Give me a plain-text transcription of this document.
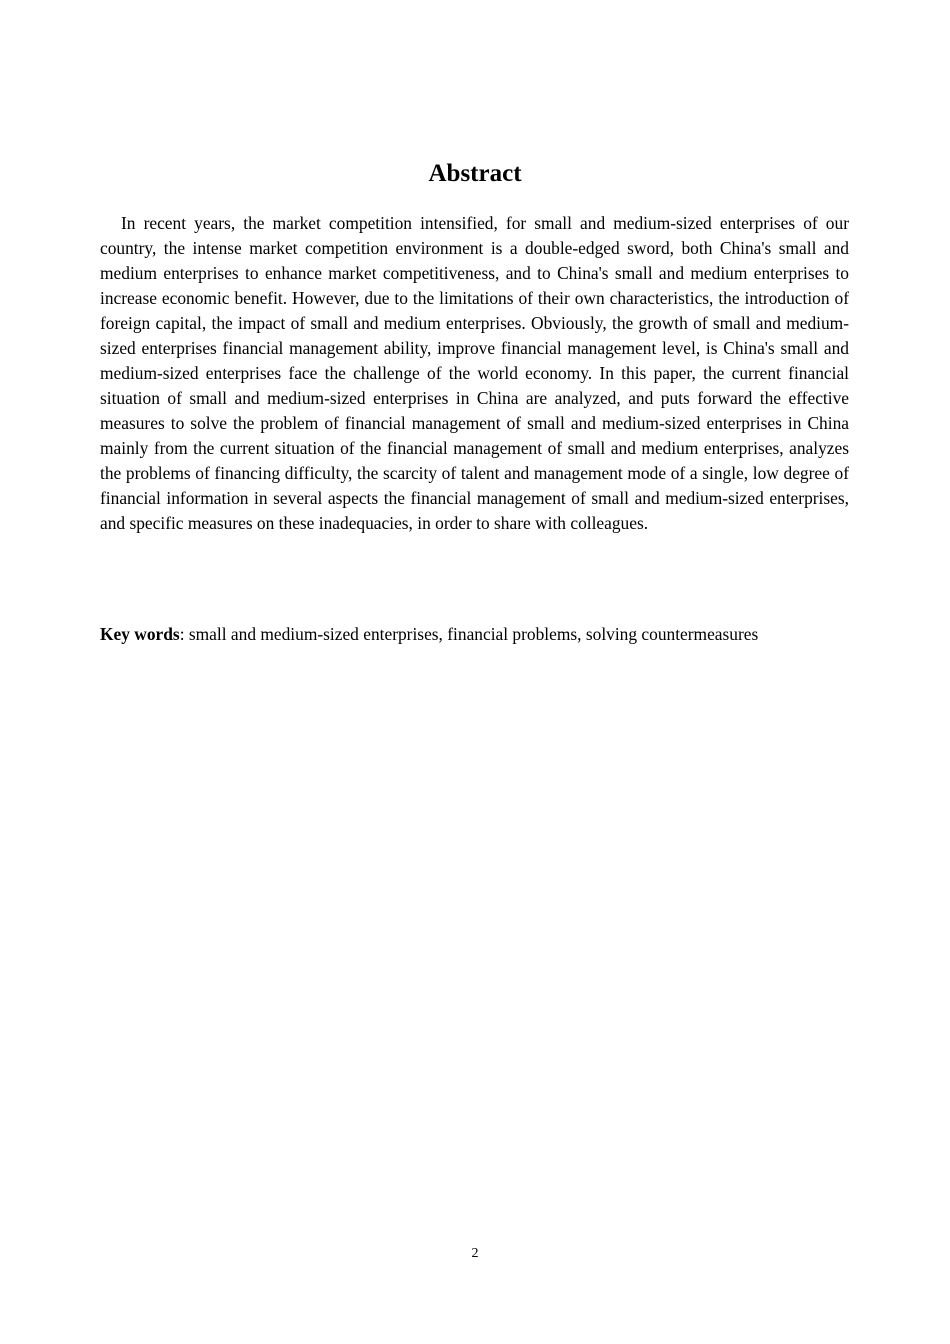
Abstract

In recent years, the market competition intensified, for small and medium-sized enterprises of our country, the intense market competition environment is a double-edged sword, both China's small and medium enterprises to enhance market competitiveness, and to China's small and medium enterprises to increase economic benefit. However, due to the limitations of their own characteristics, the introduction of foreign capital, the impact of small and medium enterprises. Obviously, the growth of small and medium-sized enterprises financial management ability, improve financial management level, is China's small and medium-sized enterprises face the challenge of the world economy. In this paper, the current financial situation of small and medium-sized enterprises in China are analyzed, and puts forward the effective measures to solve the problem of financial management of small and medium-sized enterprises in China mainly from the current situation of the financial management of small and medium enterprises, analyzes the problems of financing difficulty, the scarcity of talent and management mode of a single, low degree of financial information in several aspects the financial management of small and medium-sized enterprises, and specific measures on these inadequacies, in order to share with colleagues.

Key words: small and medium-sized enterprises, financial problems, solving countermeasures

2
